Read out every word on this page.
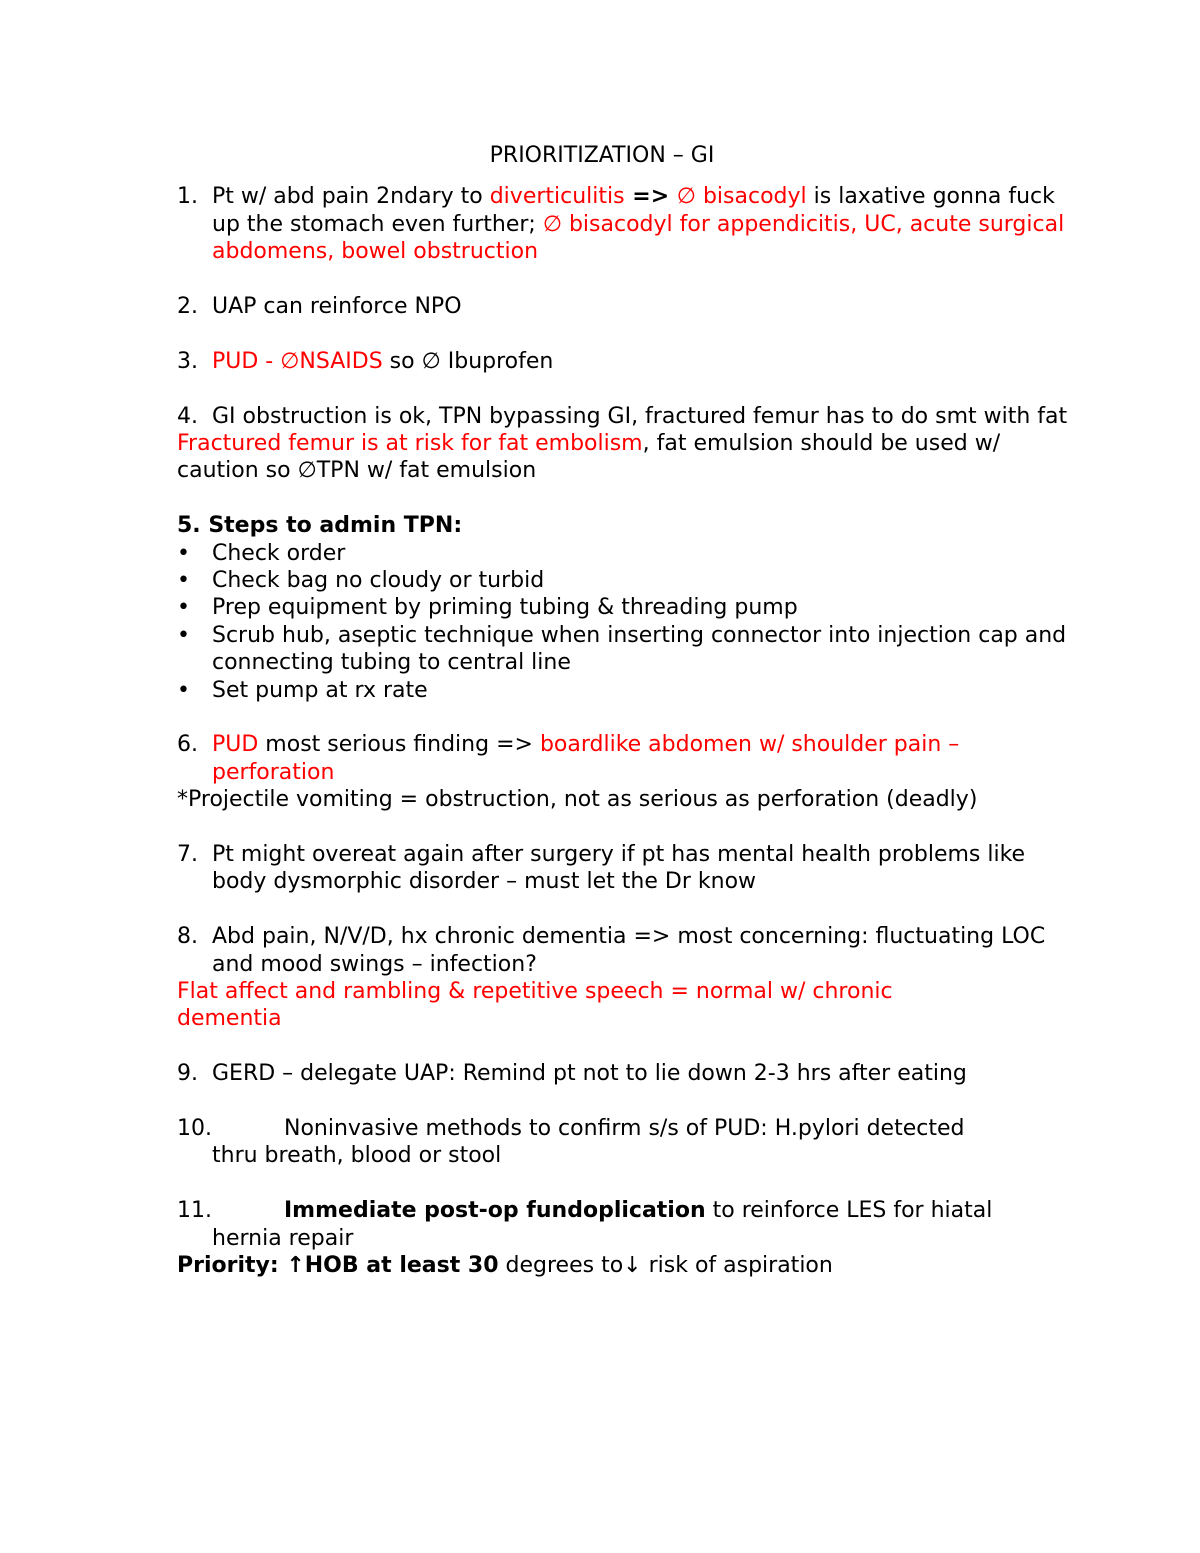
PRIORITIZATION – GI
1. Pt w/ abd pain 2ndary to diverticulitis => ∅ bisacodyl is laxative gonna fuck up the stomach even further; ∅ bisacodyl for appendicitis, UC, acute surgical abdomens, bowel obstruction
2. UAP can reinforce NPO
3. PUD - ∅NSAIDS so ∅ Ibuprofen
4. GI obstruction is ok, TPN bypassing GI, fractured femur has to do smt with fat
Fractured femur is at risk for fat embolism, fat emulsion should be used w/ caution so ∅TPN w/ fat emulsion
5. Steps to admin TPN:
• Check order
• Check bag no cloudy or turbid
• Prep equipment by priming tubing & threading pump
• Scrub hub, aseptic technique when inserting connector into injection cap and connecting tubing to central line
• Set pump at rx rate
6. PUD most serious finding => boardlike abdomen w/ shoulder pain – perforation
*Projectile vomiting = obstruction, not as serious as perforation (deadly)
7. Pt might overeat again after surgery if pt has mental health problems like body dysmorphic disorder – must let the Dr know
8. Abd pain, N/V/D, hx chronic dementia => most concerning: fluctuating LOC and mood swings – infection?
Flat affect and rambling & repetitive speech = normal w/ chronic dementia
9. GERD – delegate UAP: Remind pt not to lie down 2-3 hrs after eating
10.	Noninvasive methods to confirm s/s of PUD: H.pylori detected
thru breath, blood or stool
11.	Immediate post-op fundoplication to reinforce LES for hiatal
hernia repair
Priority: ↑HOB at least 30 degrees to↓ risk of aspiration
